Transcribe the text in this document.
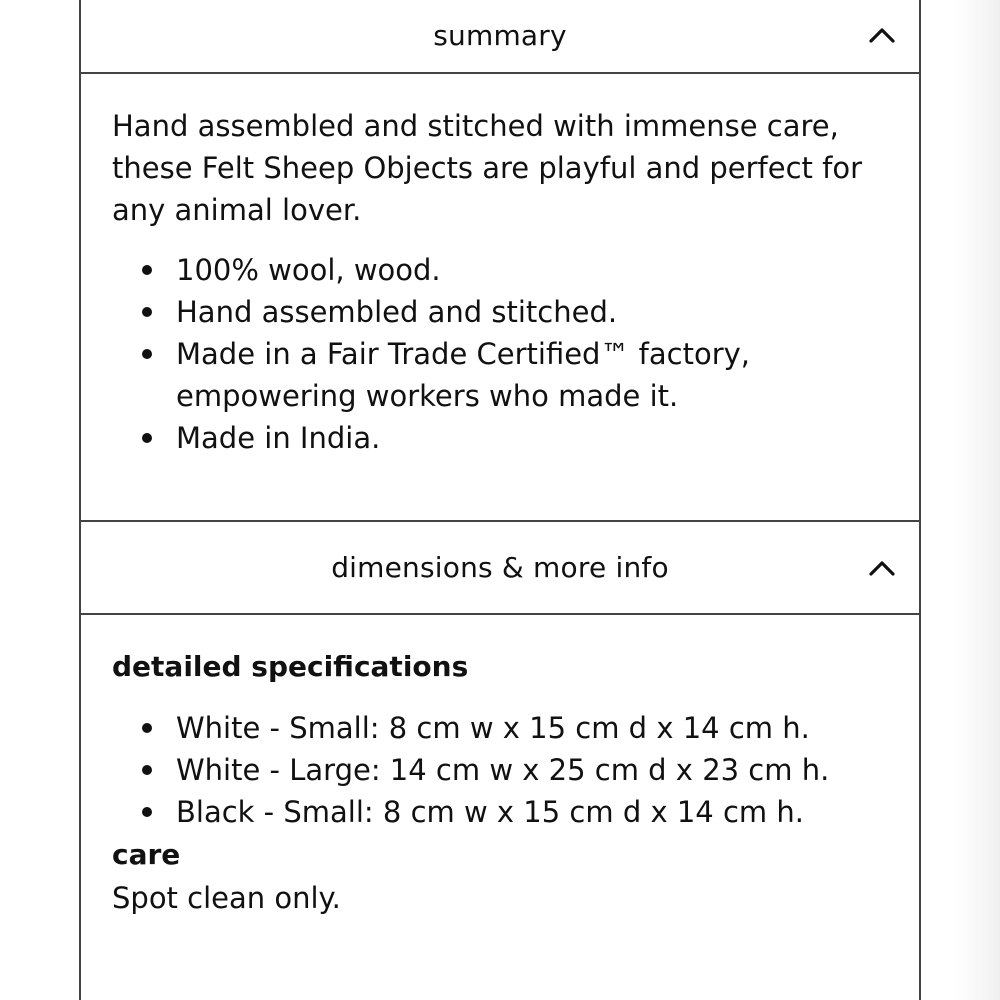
summary

Hand assembled and stitched with immense care, these Felt Sheep Objects are playful and perfect for any animal lover.

100% wool, wood.
Hand assembled and stitched.
Made in a Fair Trade Certified™ factory, empowering workers who made it.
Made in India.
dimensions & more info

detailed specifications

White - Small: 8 cm w x 15 cm d x 14 cm h.
White - Large: 14 cm w x 25 cm d x 23 cm h.
Black - Small: 8 cm w x 15 cm d x 14 cm h.

care

Spot clean only.
